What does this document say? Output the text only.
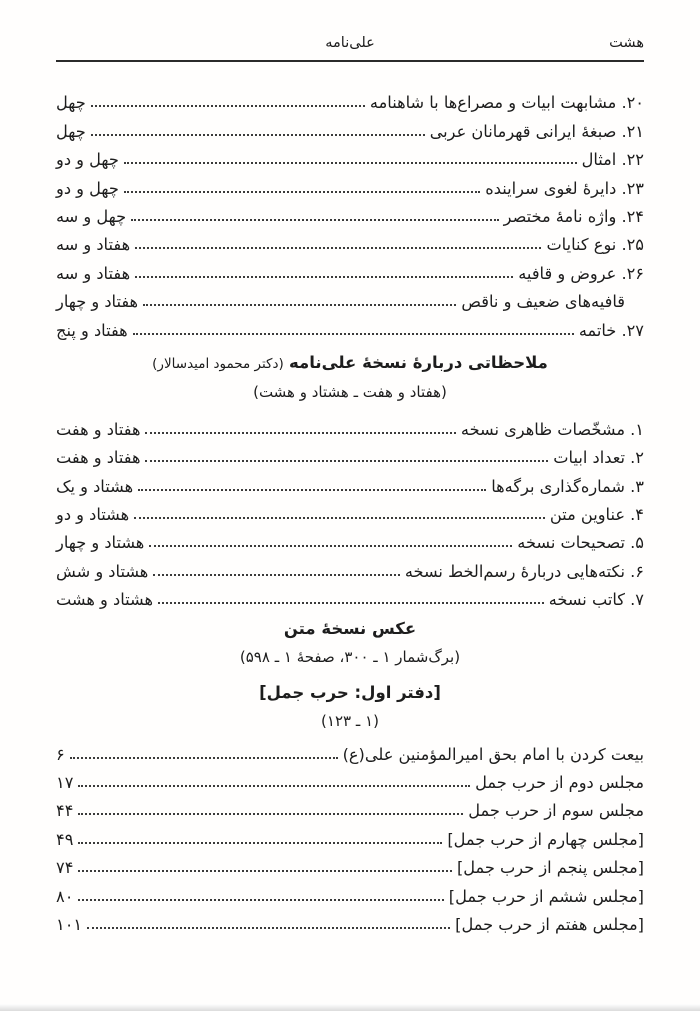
هشت
علی‌نامه
۲۰. مشابهت ابیات و مصراع‌ها با شاهنامه
چهل
۲۱. صبغهٔ ایرانی قهرمانان عربی
چهل
۲۲. امثال
چهل و دو
۲۳. دایرهٔ لغوی سراینده
چهل و دو
۲۴. واژه نامهٔ مختصر
چهل و سه
۲۵. نوع کنایات
هفتاد و سه
۲۶. عروض و قافیه
هفتاد و سه
قافیه‌های ضعیف و ناقص
هفتاد و چهار
۲۷. خاتمه
هفتاد و پنج
ملاحظاتی دربارهٔ نسخهٔ علی‌نامه (دکتر محمود امیدسالار)
(هفتاد و هفت ـ هشتاد و هشت)
۱. مشخّصات ظاهری نسخه
هفتاد و هفت
۲. تعداد ابیات
هفتاد و هفت
۳. شماره‌گذاری برگه‌ها
هشتاد و یک
۴. عناوین متن
هشتاد و دو
۵. تصحیحات نسخه
هشتاد و چهار
۶. نکته‌هایی دربارهٔ رسم‌الخط نسخه
هشتاد و شش
۷. کاتب نسخه
هشتاد و هشت
عکس نسخهٔ متن
(برگ‌شمار ۱ ـ ۳۰۰، صفحهٔ ۱ ـ ۵۹۸)
[دفتر اول: حرب جمل]
(۱ ـ ۱۲۳)
بیعت کردن با امام بحق امیرالمؤمنین علی(ع)
۶
مجلس دوم از حرب جمل
۱۷
مجلس سوم از حرب جمل
۴۴
[مجلس چهارم از حرب جمل]
۴۹
[مجلس پنجم از حرب جمل]
۷۴
[مجلس ششم از حرب جمل]
۸۰
[مجلس هفتم از حرب جمل]
۱۰۱
